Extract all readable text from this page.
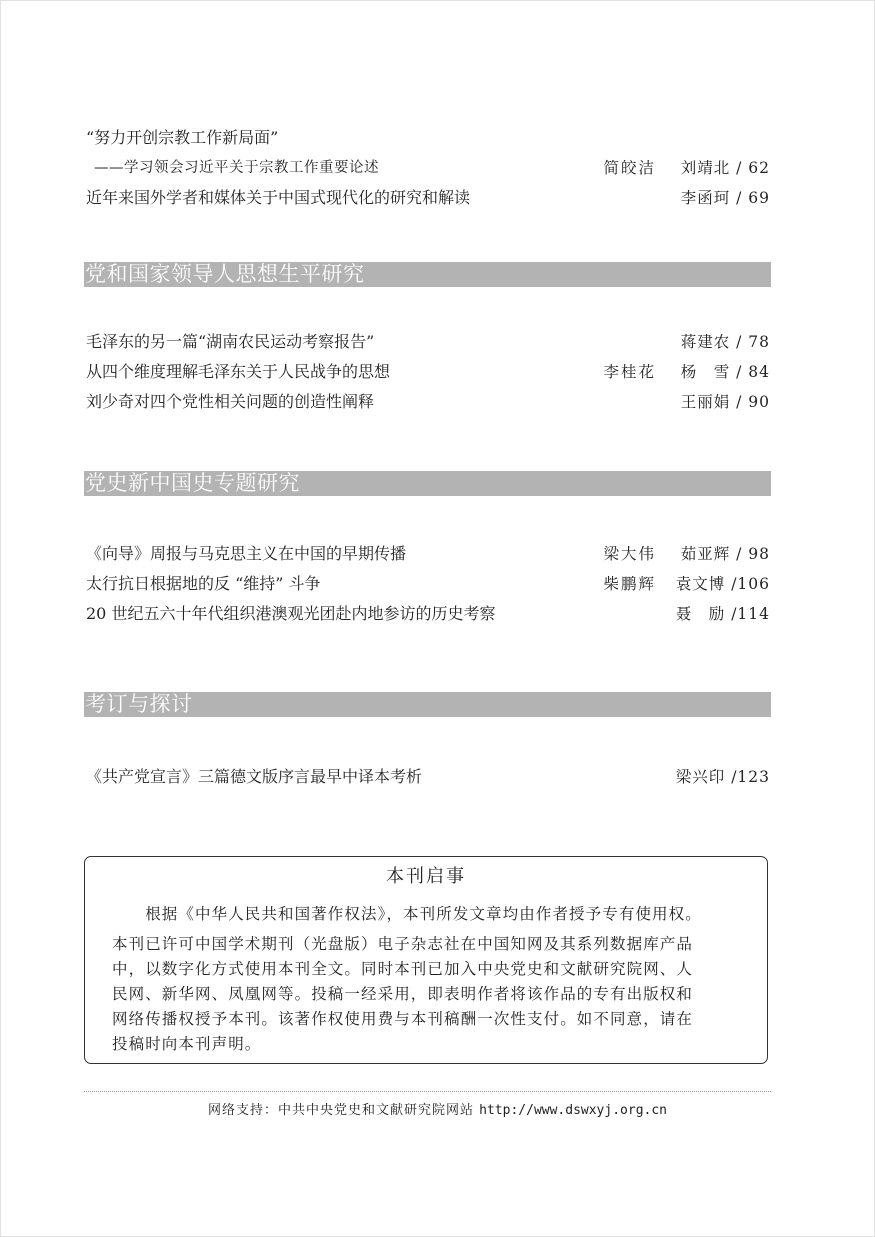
“努力开创宗教工作新局面”
——学习领会习近平关于宗教工作重要论述	简皎洁 刘靖北 / 62
近年来国外学者和媒体关于中国式现代化的研究和解读	李函珂 / 69
党和国家领导人思想生平研究
毛泽东的另一篇“湖南农民运动考察报告”	蒋建农 / 78
从四个维度理解毛泽东关于人民战争的思想	李桂花 杨　雪 / 84
刘少奇对四个党性相关问题的创造性阐释	王丽娟 / 90
党史新中国史专题研究
《向导》周报与马克思主义在中国的早期传播	梁大伟 茹亚辉 / 98
太行抗日根据地的反 “维持” 斗争	柴鹏辉 袁文博 /106
20 世纪五六十年代组织港澳观光团赴内地参访的历史考察	聂　励 /114
考订与探讨
《共产党宣言》三篇德文版序言最早中译本考析	梁兴印 /123
本刊启事
　　根据《中华人民共和国著作权法》，本刊所发文章均由作者授予专有使用权。
本刊已许可中国学术期刊（光盘版）电子杂志社在中国知网及其系列数据库产品
中，以数字化方式使用本刊全文。同时本刊已加入中央党史和文献研究院网、人
民网、新华网、凤凰网等。投稿一经采用，即表明作者将该作品的专有出版权和
网络传播权授予本刊。该著作权使用费与本刊稿酬一次性支付。如不同意，请在
投稿时向本刊声明。
网络支持：中共中央党史和文献研究院网站 http://www.dswxyj.org.cn
